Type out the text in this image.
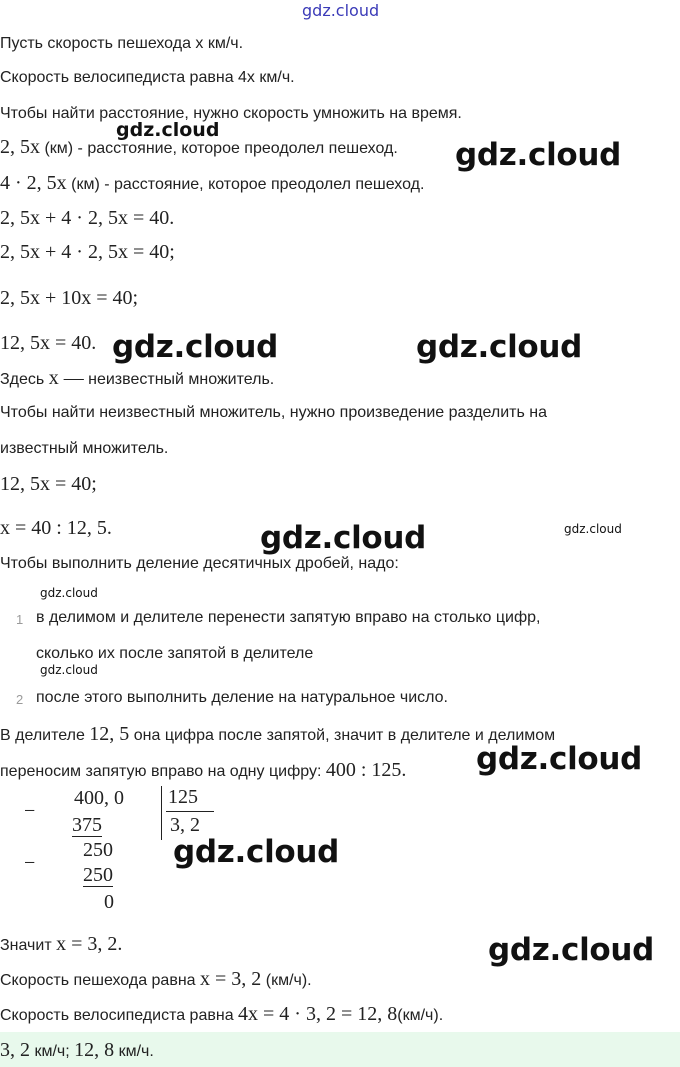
gdz.cloud
Пусть скорость пешехода x км/ч.
Скорость велосипедиста равна 4x км/ч.
Чтобы найти расстояние, нужно скорость умножить на время.
2, 5x (км) - расстояние, которое преодолел пешеход.
4 · 2, 5x (км) - расстояние, которое преодолел пешеход.
2, 5x + 4 · 2, 5x = 40.
2, 5x + 4 · 2, 5x = 40;
2, 5x + 10x = 40;
12, 5x = 40.
Здесь x — неизвестный множитель.
Чтобы найти неизвестный множитель, нужно произведение разделить на
известный множитель.
12, 5x = 40;
x = 40 : 12, 5.
Чтобы выполнить деление десятичных дробей, надо:
1 в делимом и делителе перенести запятую вправо на столько цифр,
сколько их после запятой в делителе
2 после этого выполнить деление на натуральное число.
В делителе 12, 5 она цифра после запятой, значит в делителе и делимом
переносим запятую вправо на одну цифру: 400 : 125.
−
400, 0 125
3, 2
375
−
250
250
0
Значит x = 3, 2.
Скорость пешехода равна x = 3, 2 (км/ч).
Скорость велосипедиста равна 4x = 4 · 3, 2 = 12, 8(км/ч).
3, 2 км/ч; 12, 8 км/ч.
gdz.cloud
gdz.cloud
gdz.cloud	gdz.cloud
gdz.cloud	gdz.cloud
gdz.cloud
gdz.cloud
gdz.cloud
gdz.cloud
gdz.cloud
